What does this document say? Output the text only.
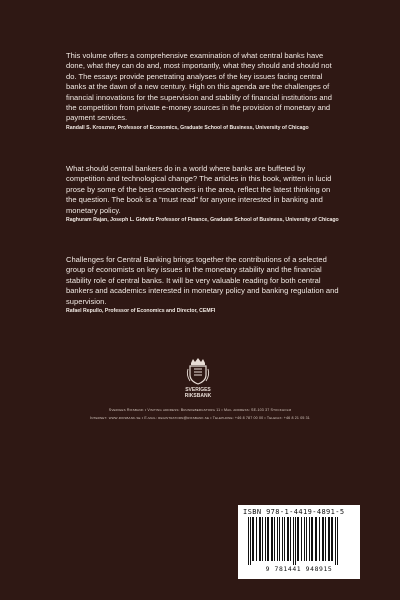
This volume offers a comprehensive examination of what central banks have done, what they can do and, most importantly, what they should and should not do. The essays provide penetrating analyses of the key issues facing central banks at the dawn of a new century. High on this agenda are the challenges of financial innovations for the supervision and stability of financial institutions and the competition from private e-money sources in the provision of monetary and payment services.

Randall S. Kroszner, Professor of Economics, Graduate School of Business, University of Chicago

What should central bankers do in a world where banks are buffeted by competition and technological change? The articles in this book, written in lucid prose by some of the best researchers in the area, reflect the latest thinking on the question. The book is a “must read” for anyone interested in banking and monetary policy.

Raghuram Rajan, Joseph L. Gidwitz Professor of Finance, Graduate School of Business, University of Chicago

Challenges for Central Banking brings together the contributions of a selected group of economists on key issues in the monetary stability and the financial stability role of central banks. It will be very valuable reading for both central bankers and academics interested in monetary policy and banking regulation and supervision.

Rafael Repullo, Professor of Economics and Director, CEMFI

SVERIGES
RIKSBANK

Sveriges Riksbank • Visiting address: Brunkebergstorg 11 • Mail address: SE-103 37 Stockholm

Internet: www.riksbank.se • E-mail: registratorn@riksbank.se • Telephone: +46 8 787 00 00 • Telefax: +46 8 21 05 31

ISBN 978-1-4419-4891-5
9 781441 948915
